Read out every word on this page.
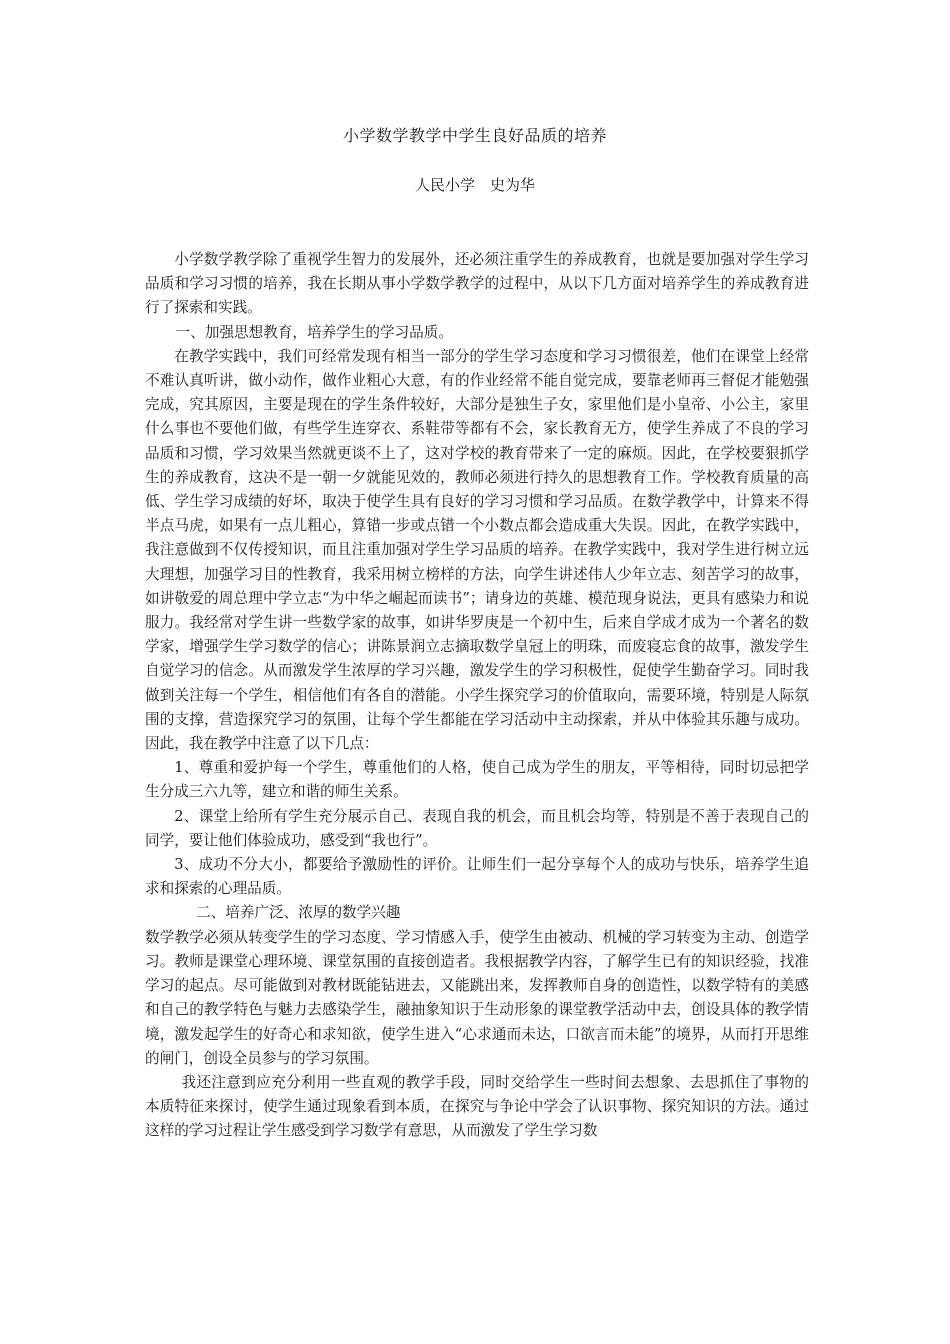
小学数学教学中学生良好品质的培养
人民小学　史为华

小学数学教学除了重视学生智力的发展外，还必须注重学生的养成教育，也就是要加强对学生学习品质和学习习惯的培养，我在长期从事小学数学教学的过程中，从以下几方面对培养学生的养成教育进行了探索和实践。

一、加强思想教育，培养学生的学习品质。

在教学实践中，我们可经常发现有相当一部分的学生学习态度和学习习惯很差，他们在课堂上经常不难认真听讲，做小动作，做作业粗心大意，有的作业经常不能自觉完成，要靠老师再三督促才能勉强完成，究其原因，主要是现在的学生条件较好，大部分是独生子女，家里他们是小皇帝、小公主，家里什么事也不要他们做，有些学生连穿衣、系鞋带等都有不会，家长教育无方，使学生养成了不良的学习品质和习惯，学习效果当然就更谈不上了，这对学校的教育带来了一定的麻烦。因此，在学校要狠抓学生的养成教育，这决不是一朝一夕就能见效的，教师必须进行持久的思想教育工作。学校教育质量的高低、学生学习成绩的好坏，取决于使学生具有良好的学习习惯和学习品质。在数学教学中，计算来不得半点马虎，如果有一点儿粗心，算错一步或点错一个小数点都会造成重大失误。因此，在教学实践中，我注意做到不仅传授知识，而且注重加强对学生学习品质的培养。在教学实践中，我对学生进行树立远大理想，加强学习目的性教育，我采用树立榜样的方法，向学生讲述伟人少年立志、刻苦学习的故事，如讲敬爱的周总理中学立志“为中华之崛起而读书”；请身边的英雄、模范现身说法，更具有感染力和说服力。我经常对学生讲一些数学家的故事，如讲华罗庚是一个初中生，后来自学成才成为一个著名的数学家，增强学生学习数学的信心；讲陈景润立志摘取数学皇冠上的明珠，而废寝忘食的故事，激发学生自觉学习的信念。从而激发学生浓厚的学习兴趣，激发学生的学习积极性，促使学生勤奋学习。同时我做到关注每一个学生，相信他们有各自的潜能。小学生探究学习的价值取向，需要环境，特别是人际氛围的支撑，营造探究学习的氛围，让每个学生都能在学习活动中主动探索，并从中体验其乐趣与成功。因此，我在教学中注意了以下几点：

1、尊重和爱护每一个学生，尊重他们的人格，使自己成为学生的朋友，平等相待，同时切忌把学生分成三六九等，建立和谐的师生关系。

2、课堂上给所有学生充分展示自己、表现自我的机会，而且机会均等，特别是不善于表现自己的同学，要让他们体验成功，感受到“我也行”。

3、成功不分大小，都要给予激励性的评价。让师生们一起分享每个人的成功与快乐，培养学生追求和探索的心理品质。

二、培养广泛、浓厚的数学兴趣

数学教学必须从转变学生的学习态度、学习情感入手，使学生由被动、机械的学习转变为主动、创造学习。教师是课堂心理环境、课堂氛围的直接创造者。我根据教学内容，了解学生已有的知识经验，找准学习的起点。尽可能做到对教材既能钻进去，又能跳出来，发挥教师自身的创造性，以数学特有的美感和自己的教学特色与魅力去感染学生，融抽象知识于生动形象的课堂教学活动中去，创设具体的教学情境，激发起学生的好奇心和求知欲，使学生进入“心求通而未达，口欲言而未能”的境界，从而打开思维的闸门，创设全员参与的学习氛围。

我还注意到应充分利用一些直观的教学手段，同时交给学生一些时间去想象、去思抓住了事物的本质特征来探讨，使学生通过现象看到本质，在探究与争论中学会了认识事物、探究知识的方法。通过这样的学习过程让学生感受到学习数学有意思，从而激发了学生学习数
